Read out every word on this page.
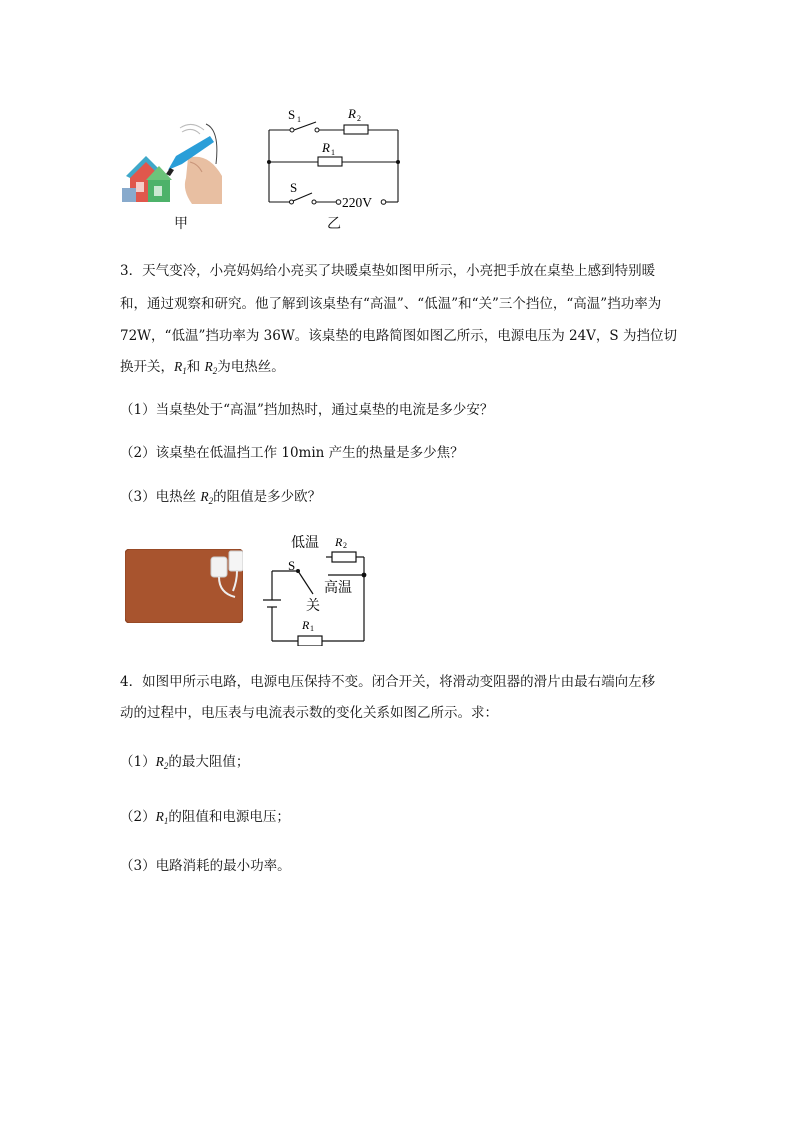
甲
S 1	R 2
R 1
S
220V
乙
3．天气变冷，小亮妈妈给小亮买了块暖桌垫如图甲所示，小亮把手放在桌垫上感到特别暖
和，通过观察和研究。他了解到该桌垫有“高温”、“低温”和“关”三个挡位，“高温”挡功率为
72W，“低温”挡功率为 36W。该桌垫的电路简图如图乙所示，电源电压为 24V，S 为挡位切
换开关，$R_1$和 $R_2$为电热丝。
（1）当桌垫处于“高温”挡加热时，通过桌垫的电流是多少安？
（2）该桌垫在低温挡工作 10min 产生的热量是多少焦？
（3）电热丝 $R_2$的阻值是多少欧？
低温 R 2
S
高温
关
R 1
4．如图甲所示电路，电源电压保持不变。闭合开关，将滑动变阻器的滑片由最右端向左移
动的过程中，电压表与电流表示数的变化关系如图乙所示。求：
$(1)R_2$的最大阻值；
$(2)R_1$的阻值和电源电压；
（3）电路消耗的最小功率。
